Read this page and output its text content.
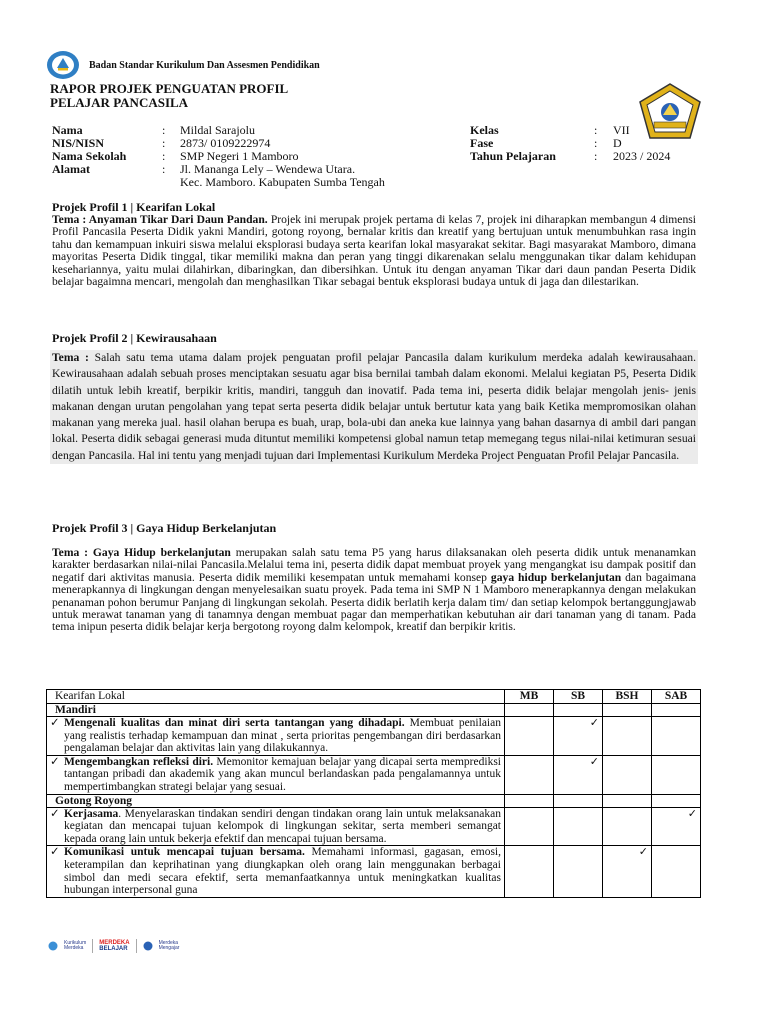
Badan Standar Kurikulum Dan Assesmen Pendidikan
RAPOR PROJEK PENGUATAN PROFIL
PELAJAR PANCASILA
Nama	:	Mildal Sarajolu
NIS/NISN	:	2873/ 0109222974
Nama Sekolah	:	SMP Negeri 1 Mamboro
Alamat	:	Jl. Mananga Lely – Wendewa Utara.
Kec. Mamboro. Kabupaten Sumba Tengah
Kelas	:	VII
Fase	:	D
Tahun Pelajaran	:	2023 / 2024
Projek Profil 1 | Kearifan Lokal
Tema : Anyaman Tikar Dari Daun Pandan. Projek ini merupak projek pertama di kelas 7, projek ini diharapkan membangun 4 dimensi Profil Pancasila Peserta Didik yakni Mandiri, gotong royong, bernalar kritis dan kreatif yang bertujuan untuk menumbuhkan rasa ingin tahu dan kemampuan inkuiri siswa melalui eksplorasi budaya serta kearifan lokal masyarakat sekitar. Bagi masyarakat Mamboro, dimana mayoritas Peserta Didik tinggal, tikar memiliki makna dan peran yang tinggi dikarenakan selalu menggunakan tikar dalam kehidupan kesehariannya, yaitu mulai dilahirkan, dibaringkan, dan dibersihkan. Untuk itu dengan anyaman Tikar dari daun pandan Peserta Didik belajar bagaimna mencari, mengolah dan menghasilkan Tikar sebagai bentuk eksplorasi budaya untuk di jaga dan dilestarikan.
Projek Profil 2 | Kewirausahaan
Tema : Salah satu tema utama dalam projek penguatan profil pelajar Pancasila dalam kurikulum merdeka adalah kewirausahaan. Kewirausahaan adalah sebuah proses menciptakan sesuatu agar bisa bernilai tambah dalam ekonomi. Melalui kegiatan P5, Peserta Didik dilatih untuk lebih kreatif, berpikir kritis, mandiri, tangguh dan inovatif. Pada tema ini, peserta didik belajar mengolah jenis- jenis makanan dengan urutan pengolahan yang tepat serta peserta didik belajar untuk bertutur kata yang baik Ketika mempromosikan olahan makanan yang mereka jual. hasil olahan berupa es buah, urap, bola-ubi dan aneka kue lainnya yang bahan dasarnya di ambil dari pangan lokal. Peserta didik sebagai generasi muda dituntut memiliki kompetensi global namun tetap memegang tegus nilai-nilai ketimuran sesuai dengan Pancasila. Hal ini tentu yang menjadi tujuan dari Implementasi Kurikulum Merdeka Project Penguatan Profil Pelajar Pancasila.
Projek Profil 3 | Gaya Hidup Berkelanjutan
Tema : Gaya Hidup berkelanjutan merupakan salah satu tema P5 yang harus dilaksanakan oleh peserta didik untuk menanamkan karakter berdasarkan nilai-nilai Pancasila.Melalui tema ini, peserta didik dapat membuat proyek yang mengangkat isu dampak positif dan negatif dari aktivitas manusia. Peserta didik memiliki kesempatan untuk memahami konsep gaya hidup berkelanjutan dan bagaimana menerapkannya di lingkungan dengan menyelesaikan suatu proyek. Pada tema ini SMP N 1 Mamboro menerapkannya dengan melakukan penanaman pohon berumur Panjang di lingkungan sekolah. Peserta didik berlatih kerja dalam tim/ dan setiap kelompok bertanggungjawab untuk merawat tanaman yang di tanamnya dengan membuat pagar dan memperhatikan kebutuhan air dari tanaman yang di tanam. Pada tema inipun peserta didik belajar kerja bergotong royong dalm kelompok, kreatif dan berpikir kritis.
Kearifan Lokal	MB	SB	BSH	SAB
Mandiri				

✓ Mengenali kualitas dan minat diri serta tantangan yang dihadapi. Membuat penilaian yang realistis terhadap kemampuan dan minat , serta prioritas pengembangan diri berdasarkan pengalaman belajar dan aktivitas lain yang dilakukannya.		✓		

✓ Mengembangkan refleksi diri. Memonitor kemajuan belajar yang dicapai serta memprediksi tantangan pribadi dan akademik yang akan muncul berlandaskan pada pengalamannya untuk mempertimbangkan strategi belajar yang sesuai.		✓		
Gotong Royong				

✓ Kerjasama. Menyelaraskan tindakan sendiri dengan tindakan orang lain untuk melaksanakan kegiatan dan mencapai tujuan kelompok di lingkungan sekitar, serta memberi semangat kepada orang lain untuk bekerja efektif dan mencapai tujuan bersama.				✓

✓ Komunikasi untuk mencapai tujuan bersama. Memahami informasi, gagasan, emosi, keterampilan dan keprihatinan yang diungkapkan oleh orang lain menggunakan berbagai simbol dan medi secara efektif, serta memanfaatkannya untuk meningkatkan kualitas hubungan interpersonal guna			✓	
Kurikulum
Merdeka
MERDEKA
BELAJAR
Merdeka
Mengajar
